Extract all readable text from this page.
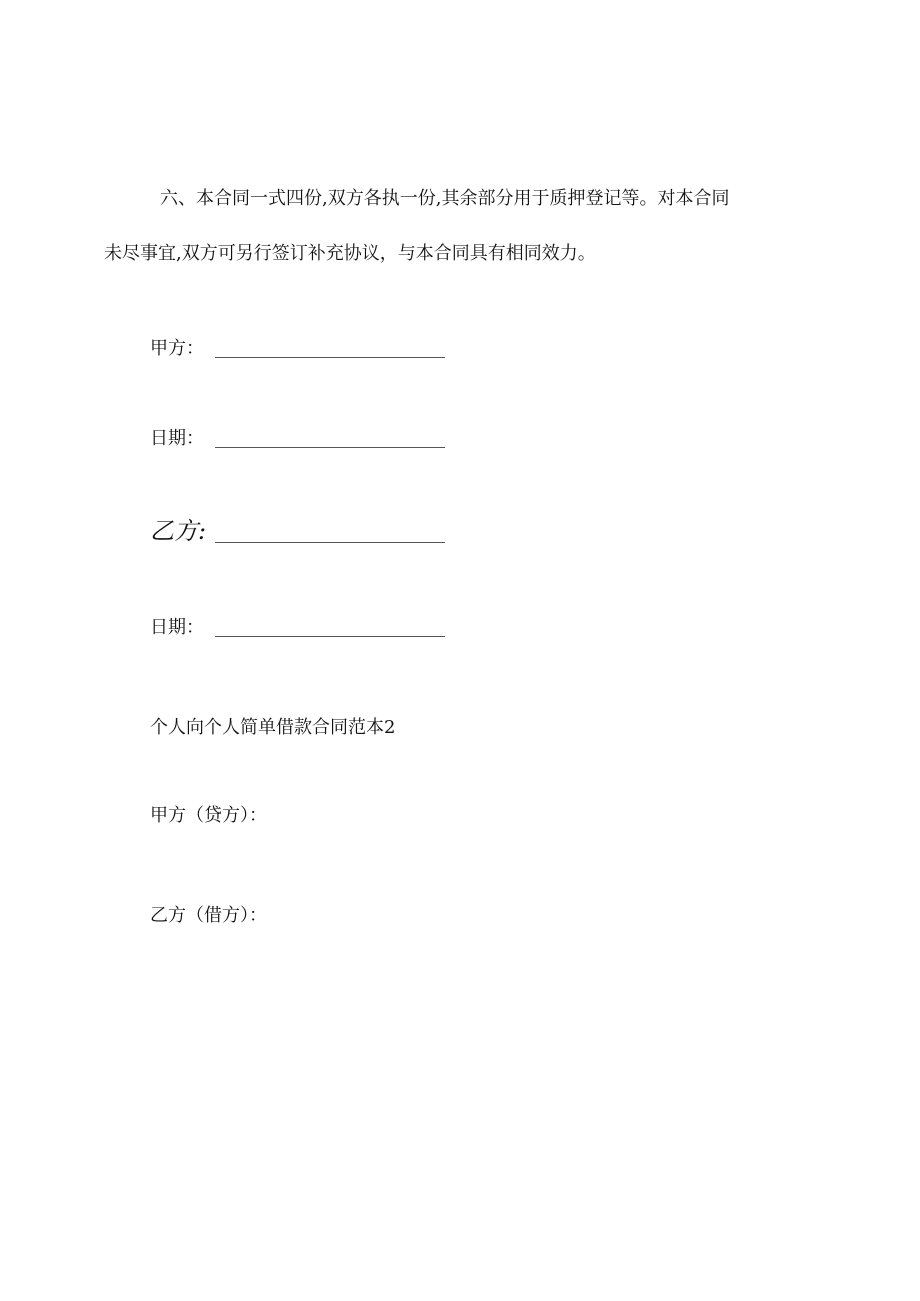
六、本合同一式四份,双方各执一份,其余部分用于质押登记等。对本合同
未尽事宜,双方可另行签订补充协议，与本合同具有相同效力。
甲方：
日期：
乙方:
日期：
个人向个人简单借款合同范本2
甲方（贷方）：
乙方（借方）：
